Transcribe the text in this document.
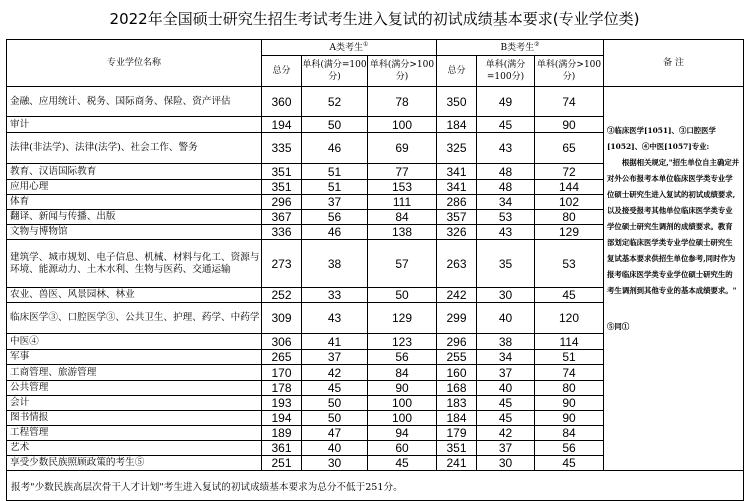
2022年全国硕士研究生招生考试考生进入复试的初试成绩基本要求(专业学位类)
专业学位名称	A类考生①			B类考生②			备 注
	总分	单科(满分=100分)	单科(满分>100分)	总分	单科(满分=100分)	单科(满分>100分)	
金融、应用统计、税务、国际商务、保险、资产评估	360	52	78	350	49	74	③临床医学[1051]、③口腔医学[1052]、④中医[1057]专业:
根据相关规定,"招生单位自主确定并对外公布报考本单位临床医学类专业学位硕士研究生进入复试的初试成绩要求,以及接受报考其他单位临床医学类专业学位硕士研究生调剂的成绩要求。教育部划定临床医学类专业学位硕士研究生复试基本要求供招生单位参考,同时作为报考临床医学类专业学位硕士研究生的考生调剂到其他专业的基本成绩要求。"
⑤同①

审计	194	50	100	184	45	90	
法律(非法学)、法律(法学)、社会工作、警务	335	46	69	325	43	65	
教育、汉语国际教育	351	51	77	341	48	72	
应用心理	351	51	153	341	48	144	
体育	296	37	111	286	34	102	
翻译、新闻与传播、出版	367	56	84	357	53	80	
文物与博物馆	336	46	138	326	43	129	
建筑学、城市规划、电子信息、机械、材料与化工、资源与环境、能源动力、土木水利、生物与医药、交通运输	273	38	57	263	35	53	
农业、兽医、风景园林、林业	252	33	50	242	30	45	
临床医学③、口腔医学③、公共卫生、护理、药学、中药学	309	43	129	299	40	120	
中医④	306	41	123	296	38	114	
军事	265	37	56	255	34	51	
工商管理、旅游管理	170	42	84	160	37	74	
公共管理	178	45	90	168	40	80	
会计	193	50	100	183	45	90	
图书情报	194	50	100	184	45	90	
工程管理	189	47	94	179	42	84	
艺术	361	40	60	351	37	56	
享受少数民族照顾政策的考生⑤	251	30	45	241	30	45	
报考"少数民族高层次骨干人才计划"考生进入复试的初试成绩基本要求为总分不低于251分。							
